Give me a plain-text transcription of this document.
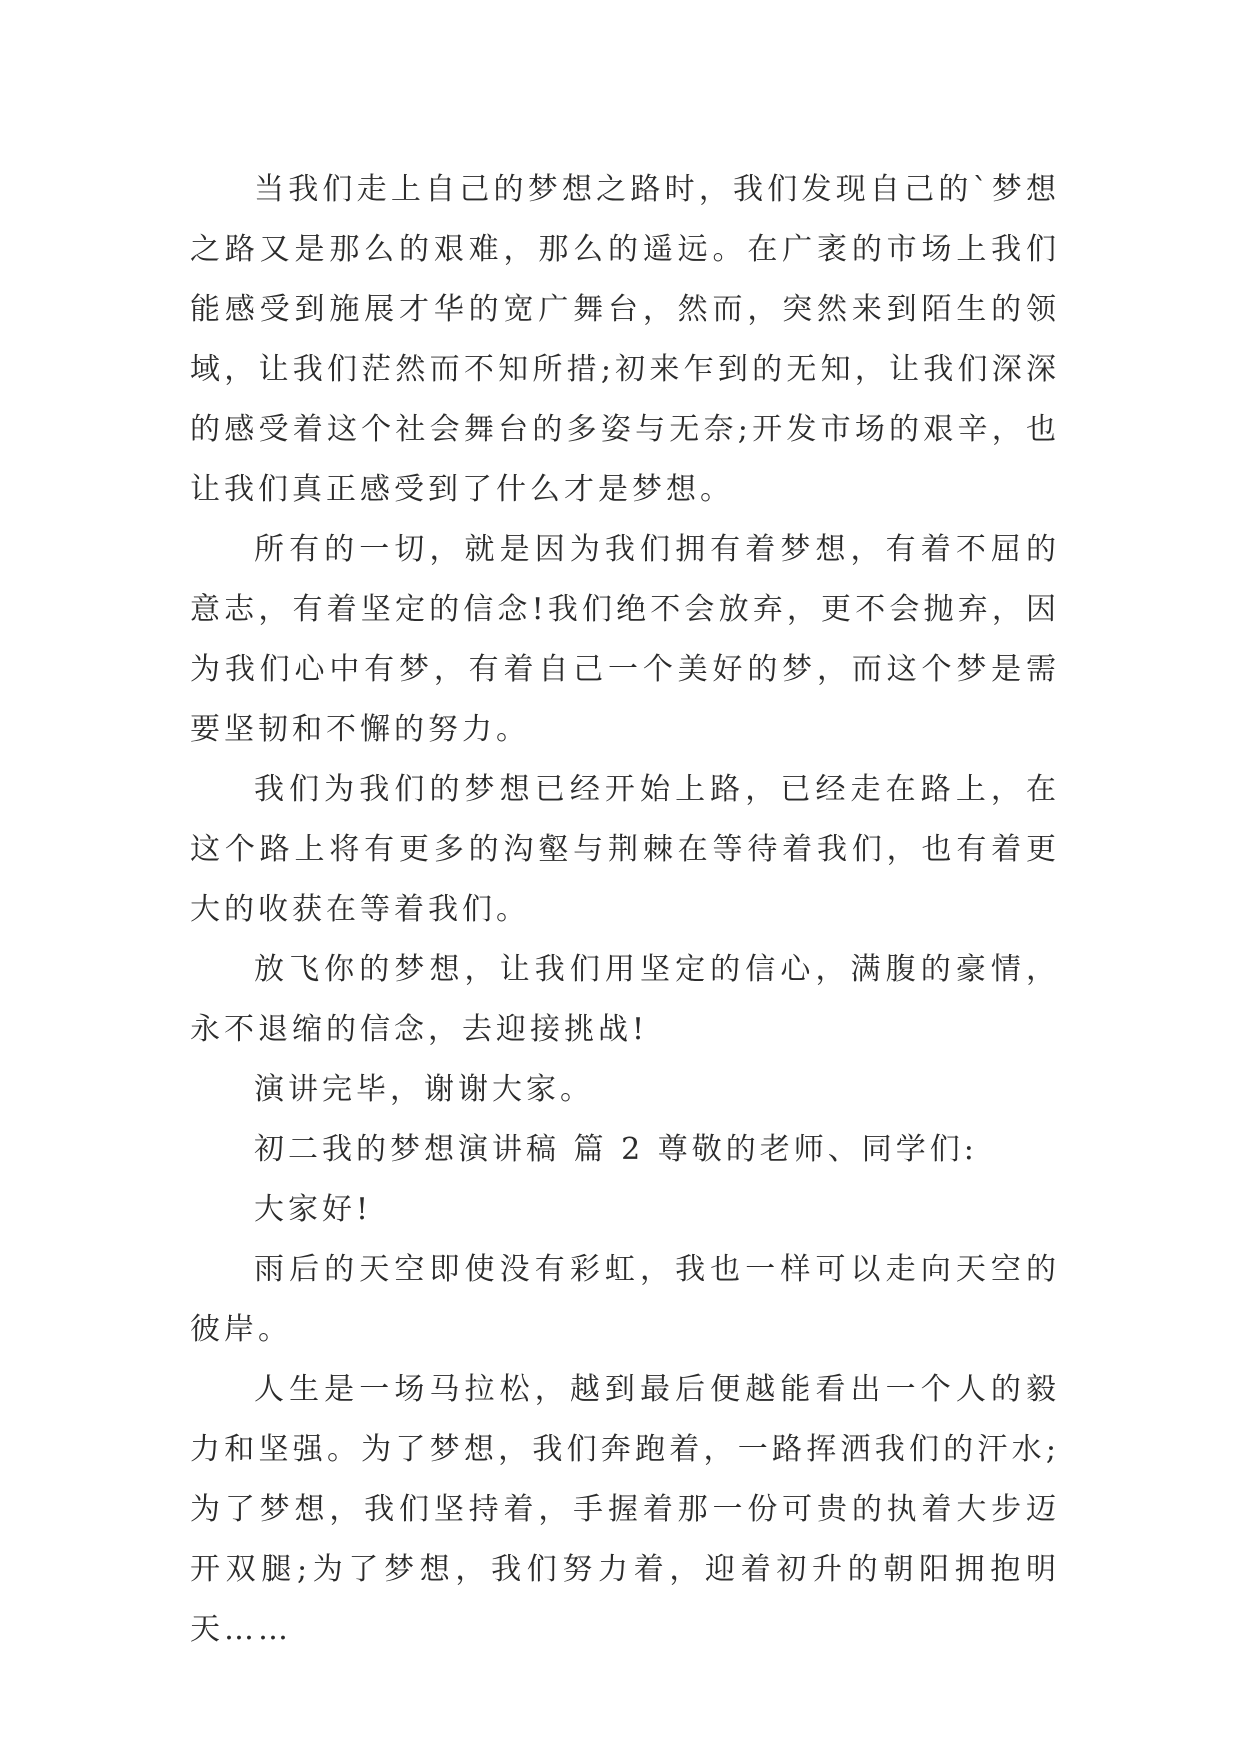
当我们走上自己的梦想之路时，我们发现自己的`梦想之路又是那么的艰难，那么的遥远。在广袤的市场上我们能感受到施展才华的宽广舞台，然而，突然来到陌生的领域，让我们茫然而不知所措;初来乍到的无知，让我们深深的感受着这个社会舞台的多姿与无奈;开发市场的艰辛，也让我们真正感受到了什么才是梦想。

所有的一切，就是因为我们拥有着梦想，有着不屈的意志，有着坚定的信念!我们绝不会放弃，更不会抛弃，因为我们心中有梦，有着自己一个美好的梦，而这个梦是需要坚韧和不懈的努力。

我们为我们的梦想已经开始上路，已经走在路上，在这个路上将有更多的沟壑与荆棘在等待着我们，也有着更大的收获在等着我们。

放飞你的梦想，让我们用坚定的信心，满腹的豪情，永不退缩的信念，去迎接挑战!

演讲完毕，谢谢大家。

初二我的梦想演讲稿 篇 2 尊敬的老师、同学们:

大家好!

雨后的天空即使没有彩虹，我也一样可以走向天空的彼岸。

人生是一场马拉松，越到最后便越能看出一个人的毅力和坚强。为了梦想，我们奔跑着，一路挥洒我们的汗水;为了梦想，我们坚持着，手握着那一份可贵的执着大步迈开双腿;为了梦想，我们努力着，迎着初升的朝阳拥抱明天……
